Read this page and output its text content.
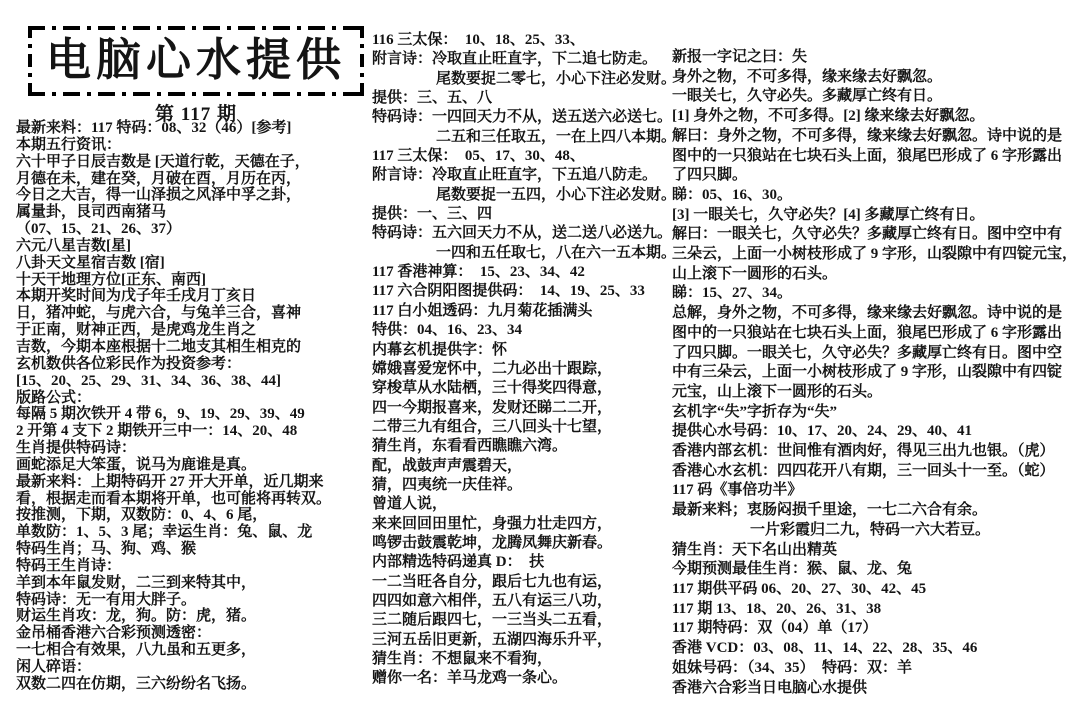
电脑心水提供
第 117 期
最新来料：117 特码：08、32（46）[参考]
本期五行资讯：
六十甲子日辰吉数是 [天道行乾，天德在子，
月德在未，建在癸，月破在酉，月历在丙，
今日之大吉，得一山泽损之风泽中孚之卦，
属量卦，艮司西南猪马
（07、15、21、26、37）
六元八星吉数[星]
八卦天文星宿吉数 [宿]
十天干地理方位[正东、南西]
本期开奖时间为戊子年壬戌月丁亥日
日，猪冲蛇，与虎六合，与兔羊三合，喜神
于正南，财神正西，是虎鸡龙生肖之
吉数，今期本座根据十二地支其相生相克的
玄机数供各位彩民作为投资参考：
[15、20、25、29、31、34、36、38、44]
版路公式：
每隔 5 期次铁开 4 带 6，9、19、29、39、49
2 开第 4 支下 2 期铁开三中一：14、20、48
生肖提供特码诗：
画蛇添足大笨蛋，说马为鹿谁是真。
最新来料：上期特码开 27 开大开单，近几期来
看，根据走而看本期将开单，也可能将再转双。
按推测，下期，双数防：0、4、6 尾，
单数防：1、5、3 尾；幸运生肖：兔、鼠、龙
特码生肖；马、狗、鸡、猴
特码王生肖诗：
羊到本年鼠发财，二三到来特其中，
特码诗：无一有用大胖子。
财运生肖攻：龙，狗。防：虎，猪。
金吊桶香港六合彩预测透密：
一七相合有效果，八九虽和五更多，
闲人碎语：
双数二四在仿期，三六纷纷名飞扬。
116 三太保：  10、18、25、33、
附言诗：冷取直止旺直字，下二追七防走。
尾数要捉二零七，小心下注必发财。
提供：三、五、八
特码诗：一四回天力不从，送五送六必送七。
二五和三任取五，一在上四八本期。
117 三太保：  05、17、30、48、
附言诗：冷取直止旺直字，下五追八防走。
尾数要捉一五四，小心下注必发财。
提供：一、三、四
特码诗：五六回天力不从，送二送八必送九。
一四和五任取七，八在六一五本期。
117 香港神算：  15、23、34、42
117 六合阴阳图提供码：  14、19、25、33
117 白小姐透码：九月菊花插满头
特供：04、16、23、34
内幕玄机提供字：怀
嫦娥喜爱宠怀中，二九必出十跟踪，
穿梭草从水陆栖，三十得奖四得意，
四一今期报喜来，发财还睇二二开，
二带三九有组合，三八回头十七望，
猜生肖，东看看西瞧瞧六湾。
配，战鼓声声震碧天，
猜，四夷统一庆佳祥。
曾道人说，
来来回回田里忙，身强力壮走四方，
鸣锣击鼓震乾坤，龙腾凤舞庆新春。
内部精选特码递真 D：  扶
一二当旺各自分，跟后七九也有运，
四四如意六相伴，五八有运三八功，
三二随后跟四七，一三当头二五看，
三河五岳旧更新，五湖四海乐升平，
猜生肖：不想鼠来不看狗，
赠你一名：羊马龙鸡一条心。
新报一字记之曰：失
身外之物，不可多得，缘来缘去好飘忽。
一眼关七，久守必失。多藏厚亡终有日。
[1] 身外之物，不可多得。[2] 缘来缘去好飘忽。
解曰：身外之物，不可多得，缘来缘去好飘忽。诗中说的是
图中的一只狼站在七块石头上面，狼尾巴形成了 6 字形露出
了四只脚。
睇：05、16、30。
[3] 一眼关七，久守必失？[4] 多藏厚亡终有日。
解曰：一眼关七，久守必失？多藏厚亡终有日。图中空中有
三朵云，上面一小树枝形成了 9 字形，山裂隙中有四锭元宝，
山上滚下一圆形的石头。
睇：15、27、34。
总解，身外之物，不可多得，缘来缘去好飘忽。诗中说的是
图中的一只狼站在七块石头上面，狼尾巴形成了 6 字形露出
了四只脚。一眼关七，久守必失？多藏厚亡终有日。图中空
中有三朵云，上面一小树枝形成了 9 字形，山裂隙中有四锭
元宝，山上滚下一圆形的石头。
玄机字“失”字折存为“失”
提供心水号码：10、17、20、24、29、40、41
香港内部玄机：世间惟有酒肉好，得见三出九也银。（虎）
香港心水玄机：四四花开八有期，三一回头十一至。（蛇）
117 码《事倍功半》
最新来料；衷肠闷损千里途，一七二六合有余。
一片彩霞归二九，特码一六大若豆。
猜生肖：天下名山出精英
今期预测最佳生肖：猴、鼠、龙、兔
117 期供平码 06、20、27、30、42、45
117 期 13、18、20、26、31、38
117 期特码：双（04）单（17）
香港 VCD：03、08、11、14、22、28、35、46
姐妹号码：（34、35）  特码：双：羊
香港六合彩当日电脑心水提供
